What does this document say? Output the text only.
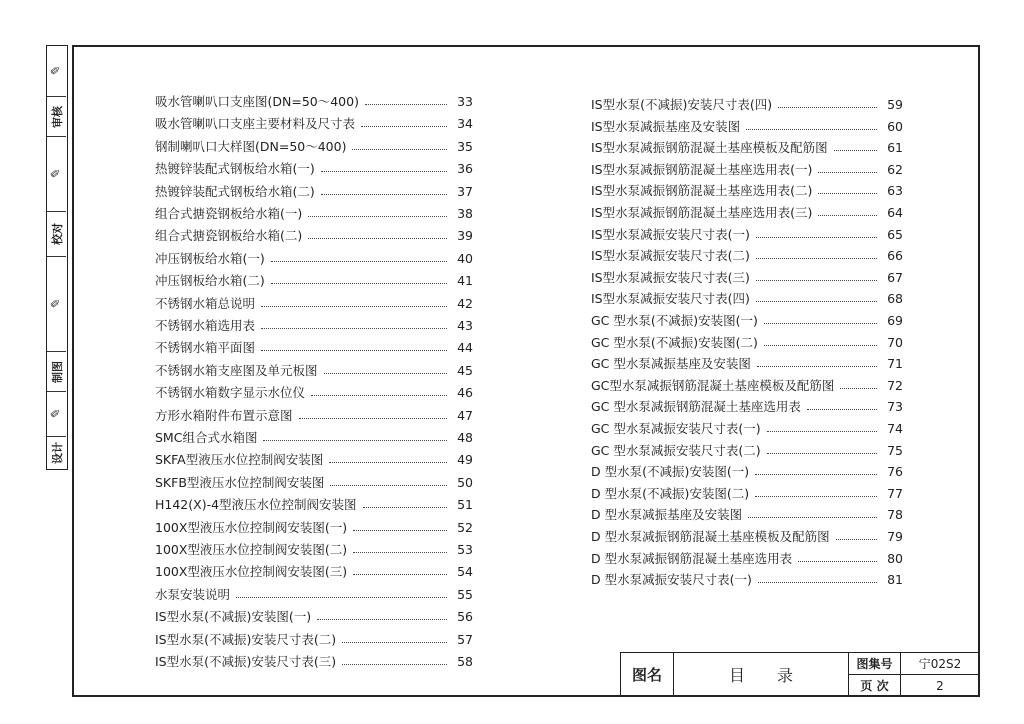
✎
审核
✎
校对
✎
制图
✎
设计
吸水管喇叭口支座图(DN=50～400)	33
吸水管喇叭口支座主要材料及尺寸表	34
钢制喇叭口大样图(DN=50～400)	35
热镀锌装配式钢板给水箱(一)	36
热镀锌装配式钢板给水箱(二)	37
组合式搪瓷钢板给水箱(一)	38
组合式搪瓷钢板给水箱(二)	39
冲压钢板给水箱(一)	40
冲压钢板给水箱(二)	41
不锈钢水箱总说明	42
不锈钢水箱选用表	43
不锈钢水箱平面图	44
不锈钢水箱支座图及单元板图	45
不锈钢水箱数字显示水位仪	46
方形水箱附件布置示意图	47
SMC组合式水箱图	48
SKFA型液压水位控制阀安装图	49
SKFB型液压水位控制阀安装图	50
H142(X)-4型液压水位控制阀安装图	51
100X型液压水位控制阀安装图(一)	52
100X型液压水位控制阀安装图(二)	53
100X型液压水位控制阀安装图(三)	54
水泵安装说明	55
IS型水泵(不减振)安装图(一)	56
IS型水泵(不减振)安装尺寸表(二)	57
IS型水泵(不减振)安装尺寸表(三)	58
IS型水泵(不减振)安装尺寸表(四)	59
IS型水泵减振基座及安装图	60
IS型水泵减振钢筋混凝土基座模板及配筋图	61
IS型水泵减振钢筋混凝土基座选用表(一)	62
IS型水泵减振钢筋混凝土基座选用表(二)	63
IS型水泵减振钢筋混凝土基座选用表(三)	64
IS型水泵减振安装尺寸表(一)	65
IS型水泵减振安装尺寸表(二)	66
IS型水泵减振安装尺寸表(三)	67
IS型水泵减振安装尺寸表(四)	68
GC 型水泵(不减振)安装图(一)	69
GC 型水泵(不减振)安装图(二)	70
GC 型水泵减振基座及安装图	71
GC型水泵减振钢筋混凝土基座模板及配筋图	72
GC 型水泵减振钢筋混凝土基座选用表	73
GC 型水泵减振安装尺寸表(一)	74
GC 型水泵减振安装尺寸表(二)	75
D 型水泵(不减振)安装图(一)	76
D 型水泵(不减振)安装图(二)	77
D 型水泵减振基座及安装图	78
D 型水泵减振钢筋混凝土基座模板及配筋图	79
D 型水泵减振钢筋混凝土基座选用表	80
D 型水泵减振安装尺寸表(一)	81
图名	目　　录
图集号	宁02S2
页 次	2
